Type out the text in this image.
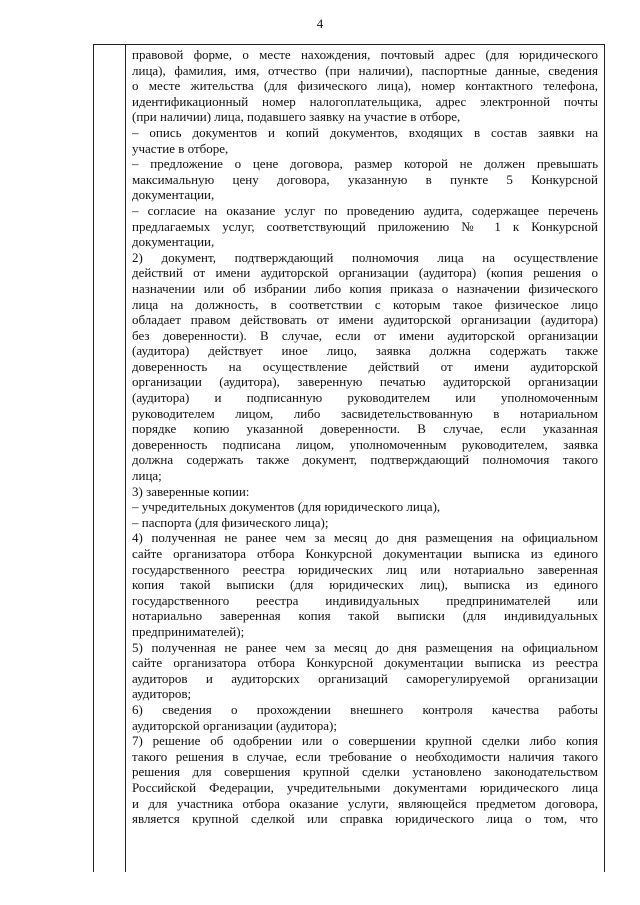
4
правовой форме, о месте нахождения, почтовый адрес (для юридического
лица), фамилия, имя, отчество (при наличии), паспортные данные, сведения
о месте жительства (для физического лица), номер контактного телефона,
идентификационный номер налогоплательщика, адрес электронной почты
(при наличии) лица, подавшего заявку на участие в отборе,
– опись документов и копий документов, входящих в состав заявки на
участие в отборе,
– предложение о цене договора, размер которой не должен превышать
максимальную цену договора, указанную в пункте 5 Конкурсной
документации,
– согласие на оказание услуг по проведению аудита, содержащее перечень
предлагаемых услуг, соответствующий приложению № 1 к Конкурсной
документации,
2) документ, подтверждающий полномочия лица на осуществление
действий от имени аудиторской организации (аудитора) (копия решения о
назначении или об избрании либо копия приказа о назначении физического
лица на должность, в соответствии с которым такое физическое лицо
обладает правом действовать от имени аудиторской организации (аудитора)
без доверенности). В случае, если от имени аудиторской организации
(аудитора) действует иное лицо, заявка должна содержать также
доверенность на осуществление действий от имени аудиторской
организации (аудитора), заверенную печатью аудиторской организации
(аудитора) и подписанную руководителем или уполномоченным
руководителем лицом, либо засвидетельствованную в нотариальном
порядке копию указанной доверенности. В случае, если указанная
доверенность подписана лицом, уполномоченным руководителем, заявка
должна содержать также документ, подтверждающий полномочия такого
лица;
3) заверенные копии:
– учредительных документов (для юридического лица),
– паспорта (для физического лица);
4) полученная не ранее чем за месяц до дня размещения на официальном
сайте организатора отбора Конкурсной документации выписка из единого
государственного реестра юридических лиц или нотариально заверенная
копия такой выписки (для юридических лиц), выписка из единого
государственного реестра индивидуальных предпринимателей или
нотариально заверенная копия такой выписки (для индивидуальных
предпринимателей);
5) полученная не ранее чем за месяц до дня размещения на официальном
сайте организатора отбора Конкурсной документации выписка из реестра
аудиторов и аудиторских организаций саморегулируемой организации
аудиторов;
6) сведения о прохождении внешнего контроля качества работы
аудиторской организации (аудитора);
7) решение об одобрении или о совершении крупной сделки либо копия
такого решения в случае, если требование о необходимости наличия такого
решения для совершения крупной сделки установлено законодательством
Российской Федерации, учредительными документами юридического лица
и для участника отбора оказание услуги, являющейся предметом договора,
является крупной сделкой или справка юридического лица о том, что
